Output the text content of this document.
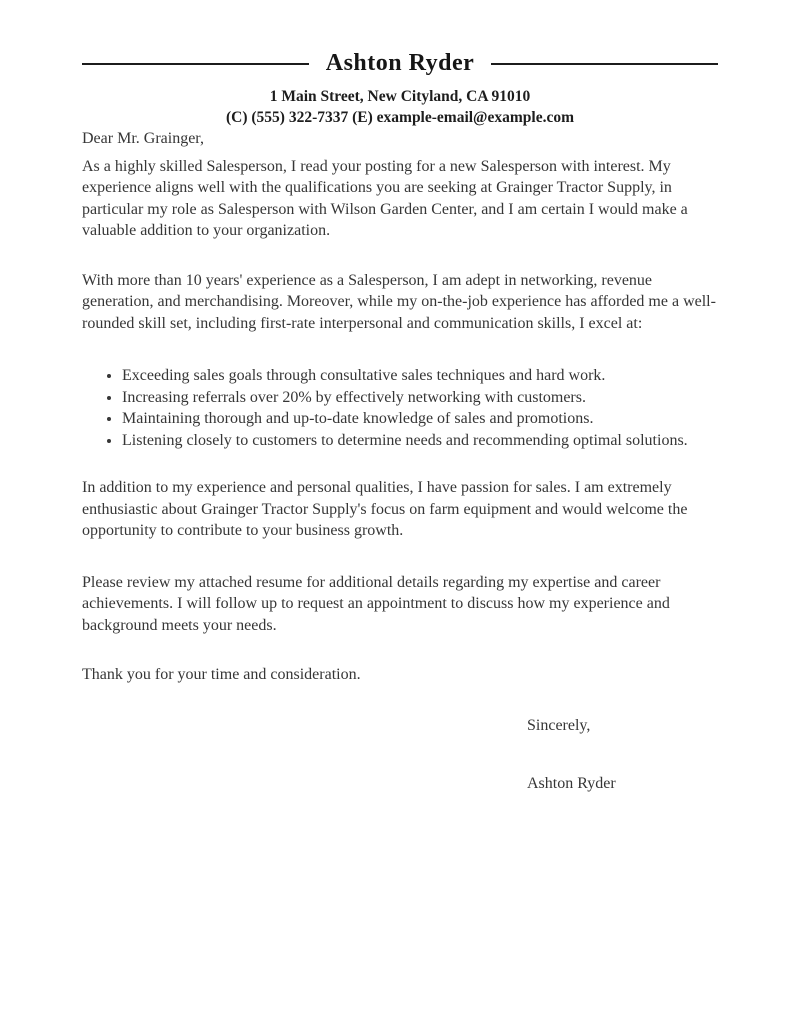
Ashton Ryder
1 Main Street, New Cityland, CA 91010
(C) (555) 322-7337 (E) example-email@example.com

Dear Mr. Grainger,

As a highly skilled Salesperson, I read your posting for a new Salesperson with interest. My experience aligns well with the qualifications you are seeking at Grainger Tractor Supply, in particular my role as Salesperson with Wilson Garden Center, and I am certain I would make a valuable addition to your organization.

With more than 10 years' experience as a Salesperson, I am adept in networking, revenue generation, and merchandising. Moreover, while my on-the-job experience has afforded me a well-rounded skill set, including first-rate interpersonal and communication skills, I excel at:

• Exceeding sales goals through consultative sales techniques and hard work.
• Increasing referrals over 20% by effectively networking with customers.
• Maintaining thorough and up-to-date knowledge of sales and promotions.
• Listening closely to customers to determine needs and recommending optimal solutions.

In addition to my experience and personal qualities, I have passion for sales. I am extremely enthusiastic about Grainger Tractor Supply's focus on farm equipment and would welcome the opportunity to contribute to your business growth.

Please review my attached resume for additional details regarding my expertise and career achievements. I will follow up to request an appointment to discuss how my experience and background meets your needs.

Thank you for your time and consideration.

Sincerely,
Ashton Ryder
